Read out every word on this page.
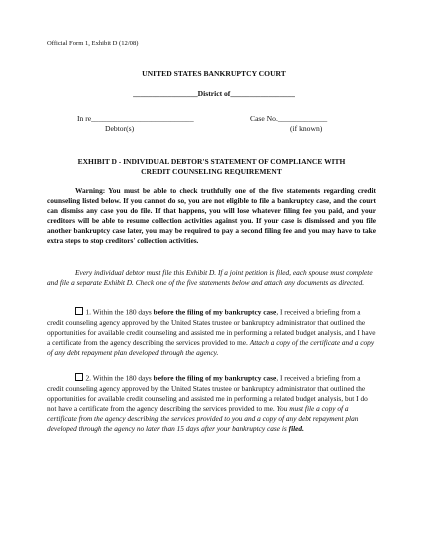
Official Form 1, Exhibit D (12/08)
UNITED STATES BANKRUPTCY COURT
_________________District of_________________
In re___________________________
Debtor(s)
Case No._____________
(if known)
EXHIBIT D - INDIVIDUAL DEBTOR'S STATEMENT OF COMPLIANCE WITH
CREDIT COUNSELING REQUIREMENT
Warning: You must be able to check truthfully one of the five statements regarding credit counseling listed below. If you cannot do so, you are not eligible to file a bankruptcy case, and the court can dismiss any case you do file. If that happens, you will lose whatever filing fee you paid, and your creditors will be able to resume collection activities against you. If your case is dismissed and you file another bankruptcy case later, you may be required to pay a second filing fee and you may have to take extra steps to stop creditors' collection activities.
Every individual debtor must file this Exhibit D. If a joint petition is filed, each spouse must complete and file a separate Exhibit D. Check one of the five statements below and attach any documents as directed.
1. Within the 180 days before the filing of my bankruptcy case, I received a briefing from a credit counseling agency approved by the United States trustee or bankruptcy administrator that outlined the opportunities for available credit counseling and assisted me in performing a related budget analysis, and I have a certificate from the agency describing the services provided to me. Attach a copy of the certificate and a copy of any debt repayment plan developed through the agency.
2. Within the 180 days before the filing of my bankruptcy case, I received a briefing from a credit counseling agency approved by the United States trustee or bankruptcy administrator that outlined the opportunities for available credit counseling and assisted me in performing a related budget analysis, but I do not have a certificate from the agency describing the services provided to me. You must file a copy of a certificate from the agency describing the services provided to you and a copy of any debt repayment plan developed through the agency no later than 15 days after your bankruptcy case is filed.
